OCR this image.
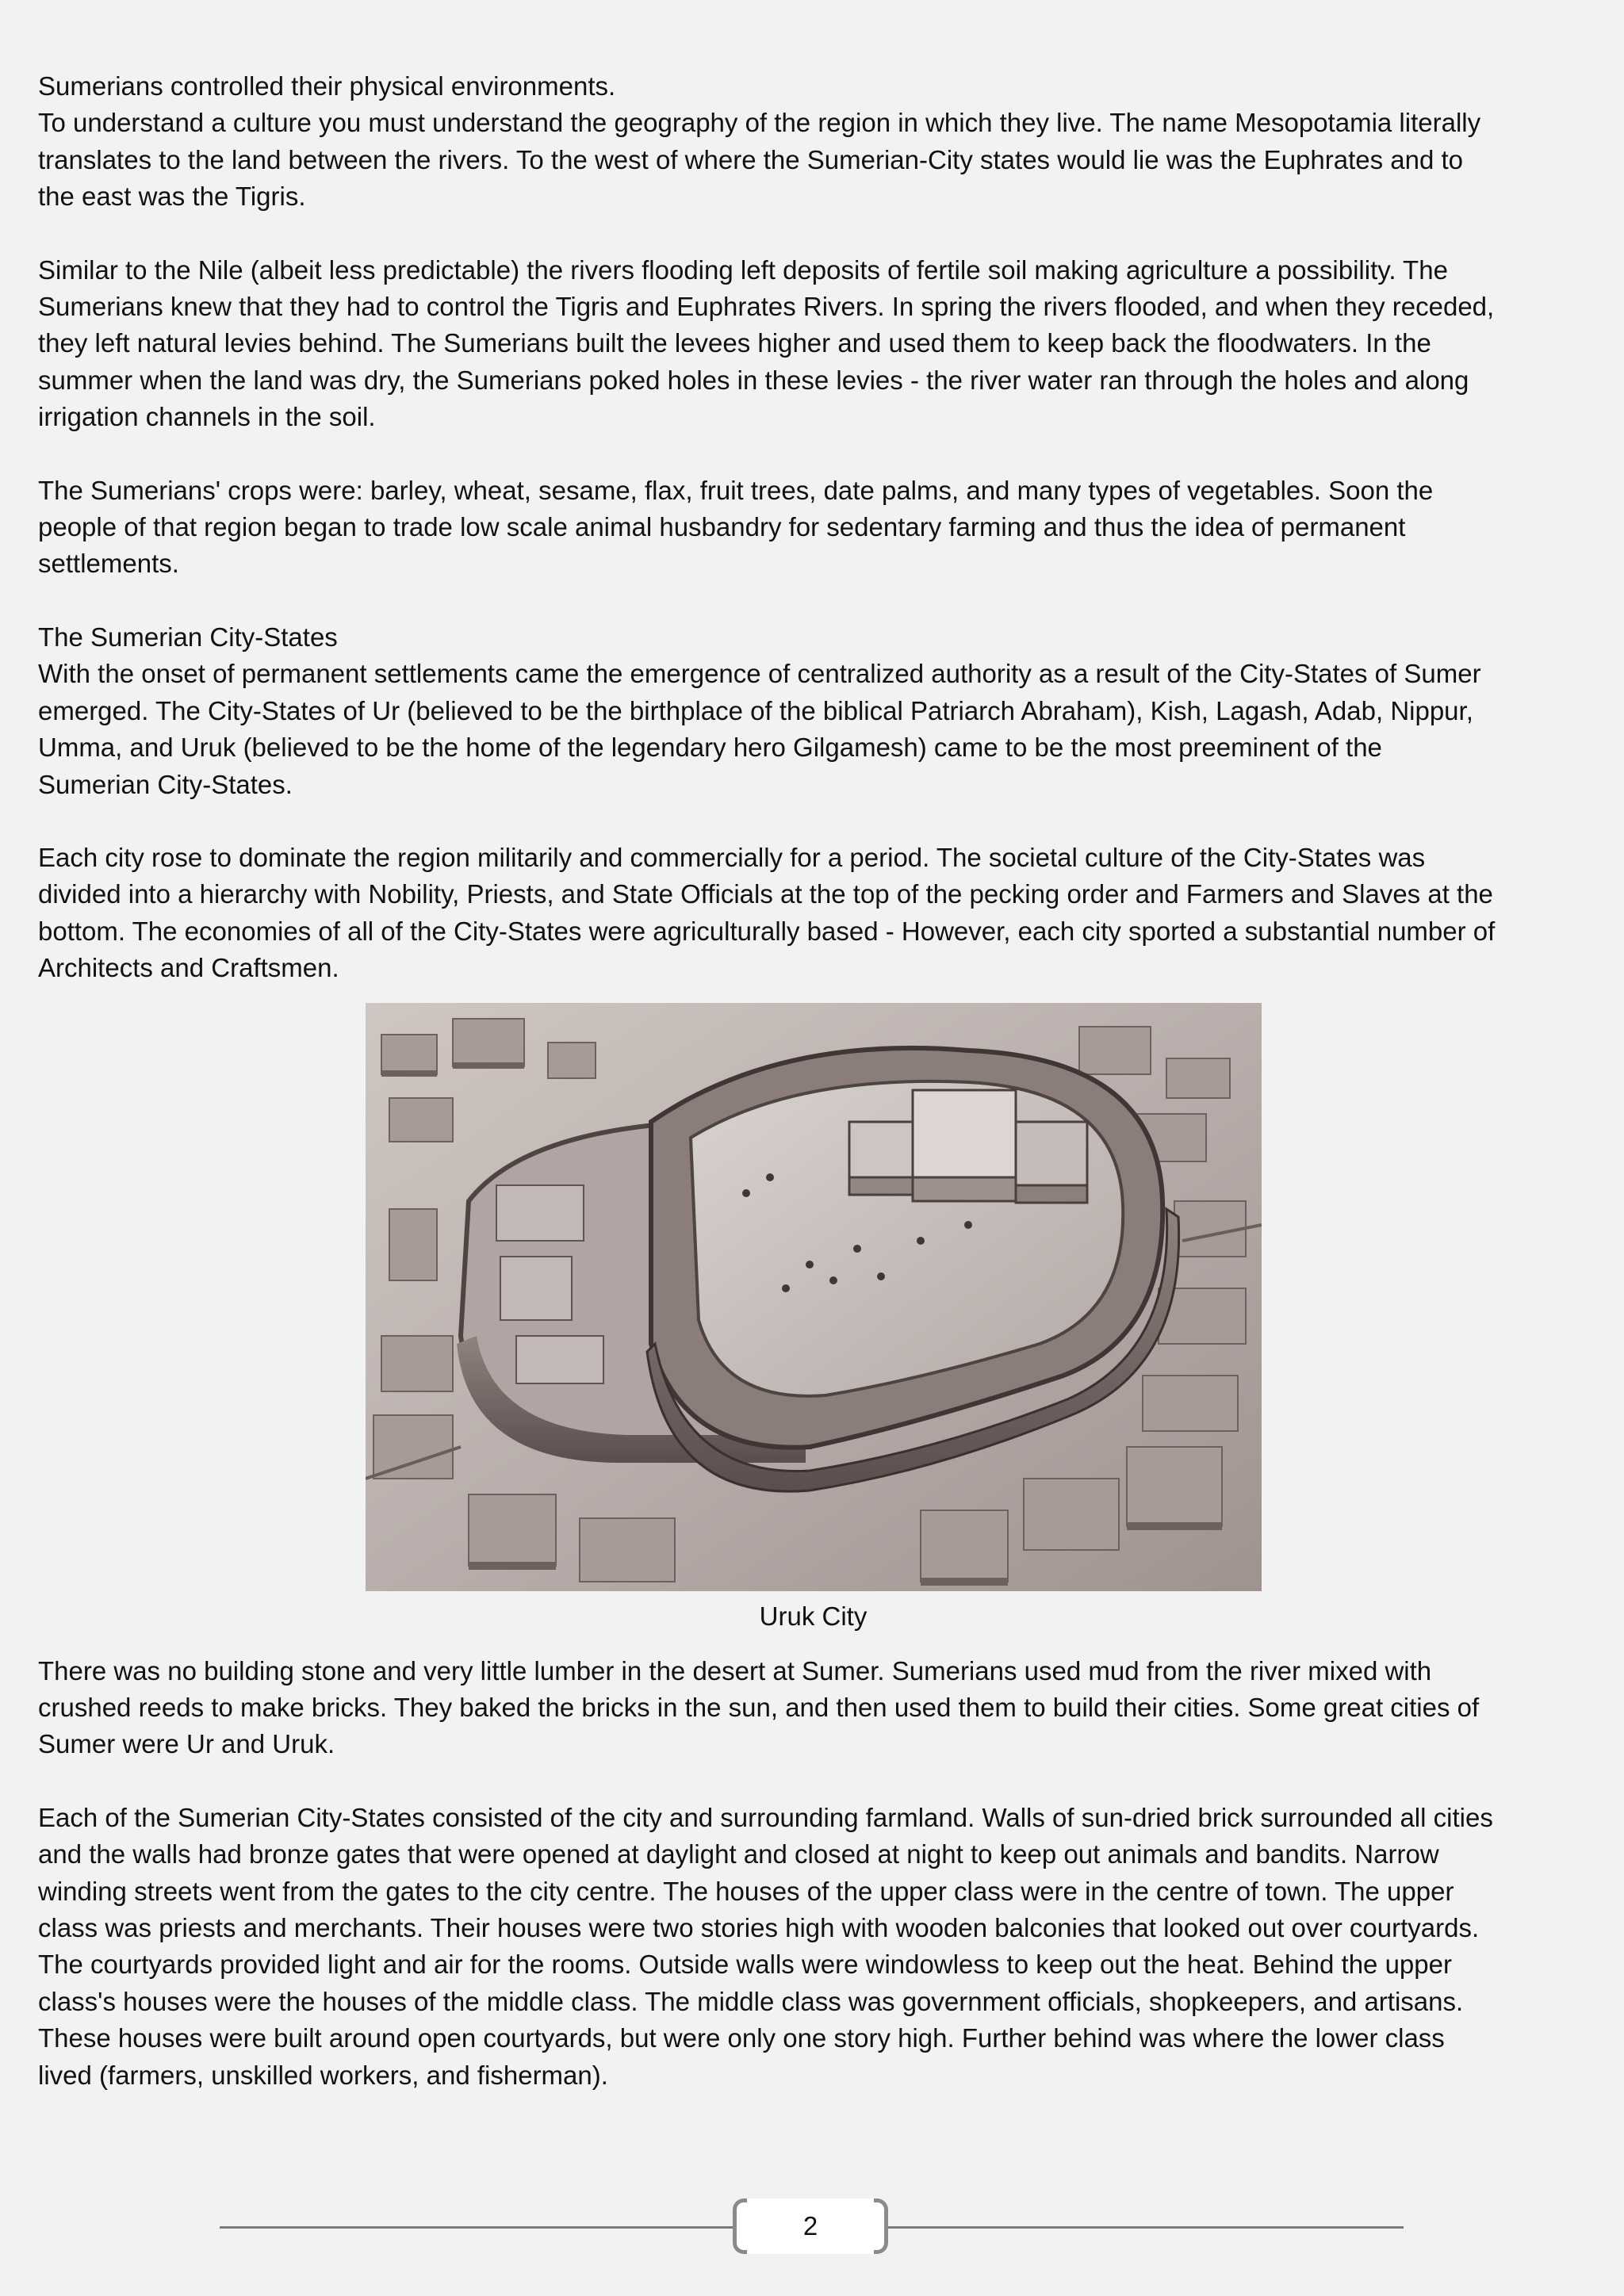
Sumerians controlled their physical environments.

To understand a culture you must understand the geography of the region in which they live. The name Mesopotamia literally

translates to the land between the rivers. To the west of where the Sumerian-City states would lie was the Euphrates and to

the east was the Tigris.

Similar to the Nile (albeit less predictable) the rivers flooding left deposits of fertile soil making agriculture a possibility. The

Sumerians knew that they had to control the Tigris and Euphrates Rivers. In spring the rivers flooded, and when they receded,

they left natural levies behind. The Sumerians built the levees higher and used them to keep back the floodwaters. In the

summer when the land was dry, the Sumerians poked holes in these levies - the river water ran through the holes and along

irrigation channels in the soil.

The Sumerians' crops were: barley, wheat, sesame, flax, fruit trees, date palms, and many types of vegetables. Soon the

people of that region began to trade low scale animal husbandry for sedentary farming and thus the idea of permanent

settlements.

The Sumerian City-States

With the onset of permanent settlements came the emergence of centralized authority as a result of the City-States of Sumer

emerged. The City-States of Ur (believed to be the birthplace of the biblical Patriarch Abraham), Kish, Lagash, Adab, Nippur,

Umma, and Uruk (believed to be the home of the legendary hero Gilgamesh) came to be the most preeminent of the

Sumerian City-States.

Each city rose to dominate the region militarily and commercially for a period. The societal culture of the City-States was

divided into a hierarchy with Nobility, Priests, and State Officials at the top of the pecking order and Farmers and Slaves at the

bottom. The economies of all of the City-States were agriculturally based - However, each city sported a substantial number of

Architects and Craftsmen.

Uruk City

There was no building stone and very little lumber in the desert at Sumer. Sumerians used mud from the river mixed with

crushed reeds to make bricks. They baked the bricks in the sun, and then used them to build their cities. Some great cities of

Sumer were Ur and Uruk.

Each of the Sumerian City-States consisted of the city and surrounding farmland. Walls of sun-dried brick surrounded all cities

and the walls had bronze gates that were opened at daylight and closed at night to keep out animals and bandits. Narrow

winding streets went from the gates to the city centre. The houses of the upper class were in the centre of town. The upper

class was priests and merchants. Their houses were two stories high with wooden balconies that looked out over courtyards.

The courtyards provided light and air for the rooms. Outside walls were windowless to keep out the heat. Behind the upper

class's houses were the houses of the middle class. The middle class was government officials, shopkeepers, and artisans.

These houses were built around open courtyards, but were only one story high. Further behind was where the lower class

lived (farmers, unskilled workers, and fisherman).

2
